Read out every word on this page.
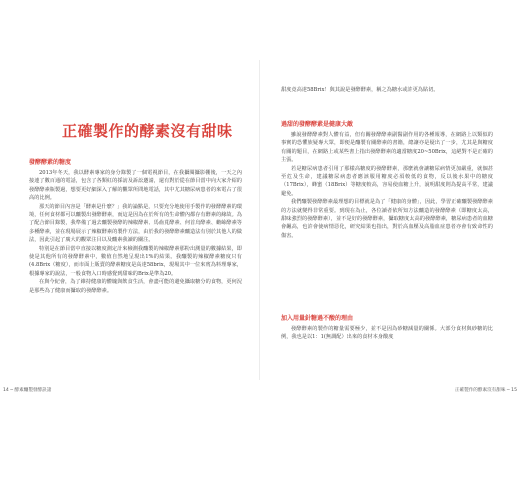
正確製作的酵素沒有甜味
發酵酵素的糖度

2013年冬天，我以酵素專家的身分錄製了一個電視節目，在我攝閱攝影棚後，一天之內接連了數百通的電話，包含了各類紅的採訪及訴訟邀請，還有對於從在節目當中向大家介紹的發酵酵素瓶製過，想要更好細深入了解的觀眾所問地電話，其中尤其糖尿病患者的來電占了很高的比例。

那天的節目內容是「酵素是什麼？」我的論點是，只要充分地使用手製作的發酵酵素的環境，任何食材都可以釀製出發酵酵素，而這是因為在於所有的生命體內都存有酵素的緣故。為了配合節目錄製，我準備了過去釀製發酵的辣椒酵素、馬齒莧酵素、何首烏酵素、蟾蜍酵素等多種酵素，並在現場展示了辣椒酵素的製作方法，由於我的發酵酵素釀造法有別於其他人的做法，因此引起了廣大的觀眾注目以及釀素我讀的關注。

特別是在節目當中直接以糖度測定計來檢測我釀製的辣椒酵素那粉出測量的數據結果，即使是其他所有的發酵酵素中，數值自然地呈現出1%的結果。我釀製的辣椒酵素糖度只有(4.8Brix（糖度），而市面上販賣的酵素糖度是高達58brix，現場其中一位來賓為料理專家，根據專家的說法，一般食物入口時感覺到甜味的Brix是準為20。

在與今紀會，為了維持健康的體魄與飲食生活，會盡可能的避免攝取糖分的食物，更何況是那些為了健康而攝取的發酵酵素。

14 ─ 酵素釀製發酵訣諸

甜度竟高達58Brix！與其說是發酵酵素，稱之為糖水或許更為貼切。

過甜的發酵酵素是健康大敵

雖說發酵酵素對人體有益，但有關發酵酵素副醫副作用的各種報導，在網路上以類似的事實的恐懼族疑專大眾，即便是釀製有關酵素的書籍，總讓亦是疑出了一步，尤其是與糖度有關的題目，在網路上或某些書上指出發酵酵素的適當糖度20~50Brix，這絕對不是正確的主張。

若是糖尿病患者引用了那樣高糖度的發酵酵素，那麼就會讓糖尿病情更加嚴重，就個甚至危及生命，建議糖尿病患者應該服用糖度必須較低的食物，反以後水果中的糖度（17Brix），蜂蜜（18Brix）等糖度較高，容易使血糖上升，說明甜度則為提高平常，建議避免。

我們釀製發酵酵素最理想的目標就是為了「健康的身體」，因此，學習正確釀製發酵酵素的方法就變得非常重要。到現在為止，各位讀者依所知方法釀造的發酵酵素（即糖度太高，甜味強烈的發酵酵素），並不是好的發酵酵素，攝取糖度太高的發酵酵素，糖尿病患者的血糖會飆高，也許會使病情惡化，研究結果也指出，對於高血壓及高脂血症患者亦會有致命性的傷害。

加入用量針糖過不酸的理由

發酵酵素的製作的糖量需要極少，並不是因為砂糖減量的關係。大部分食材與砂糖的比例，我也是以1：1(無調配）出來的食材本身酸度

正確製作的酵素沒有甜味 ─ 15
